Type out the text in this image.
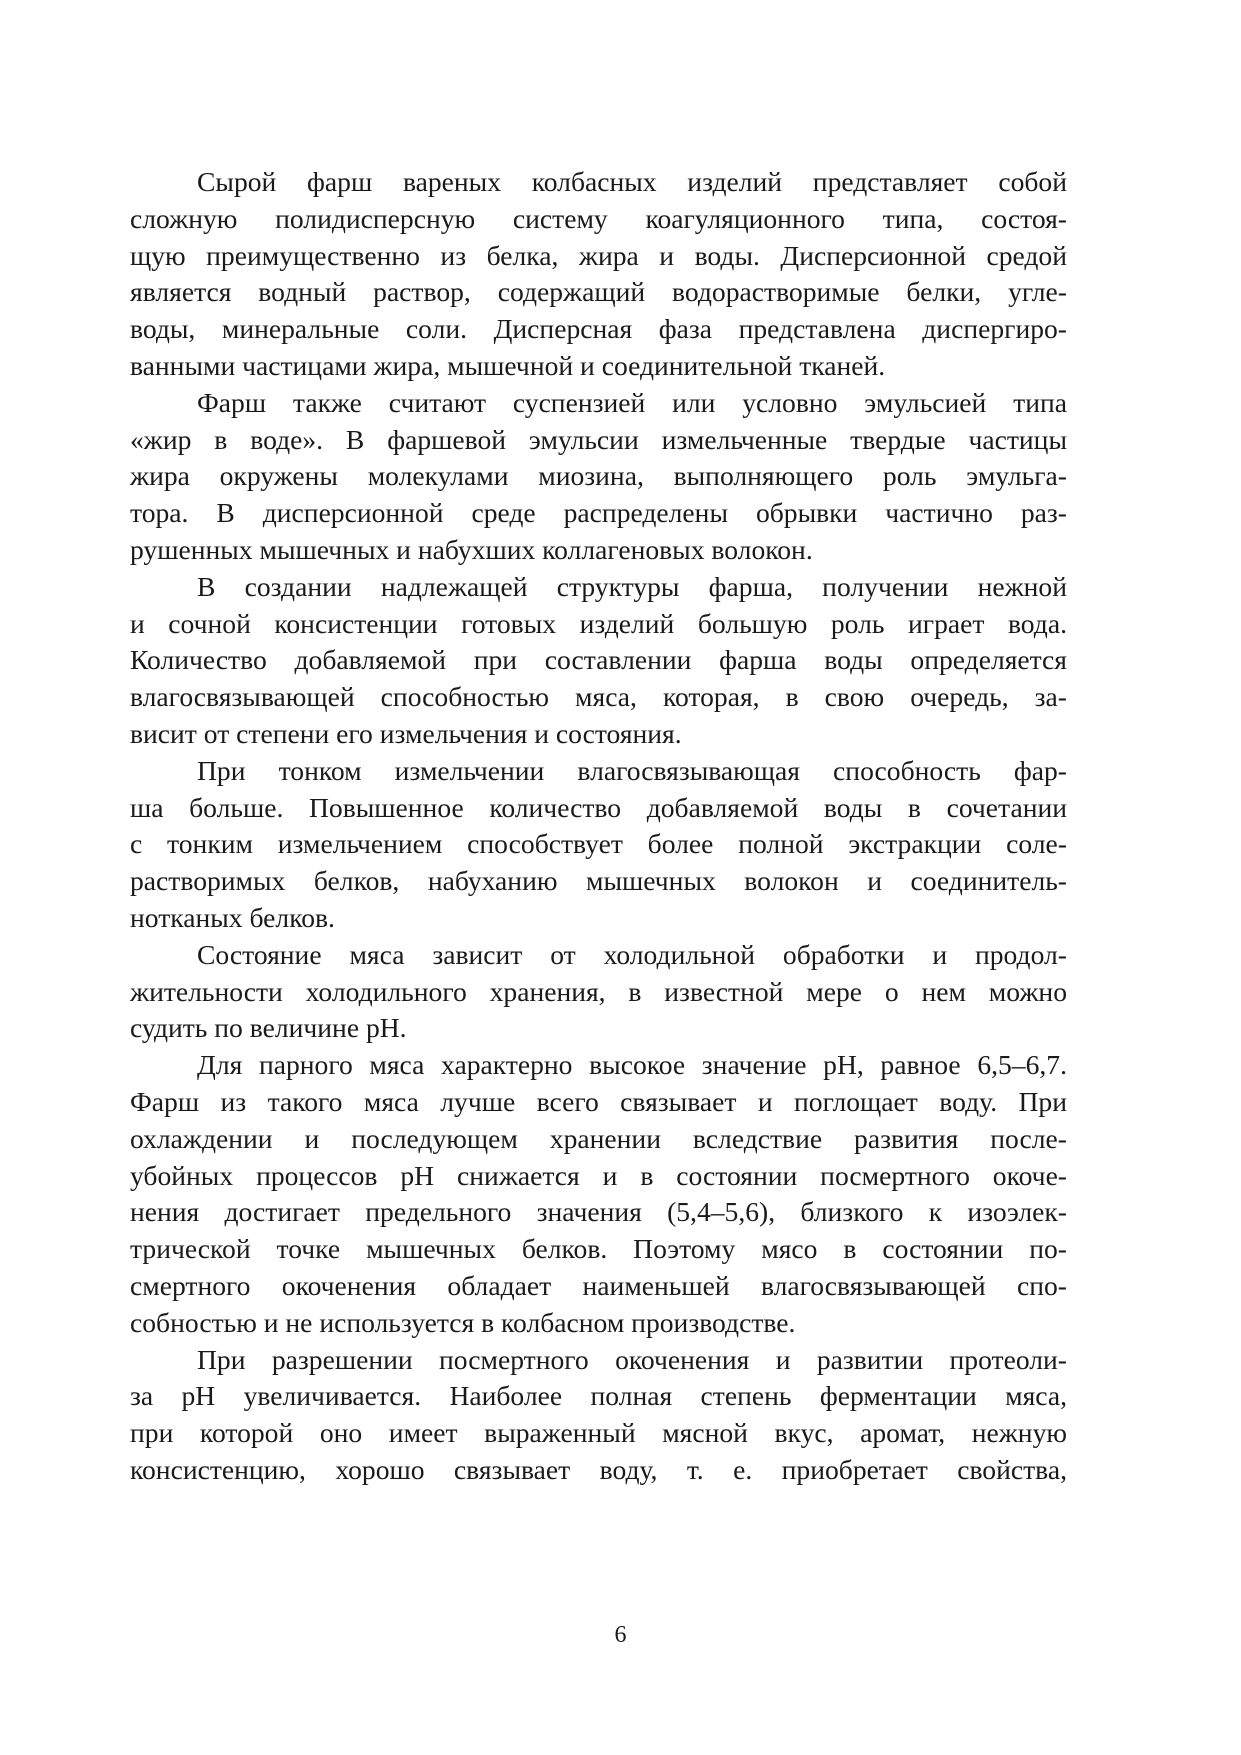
Сырой фарш вареных колбасных изделий представляет собой
сложную полидисперсную систему коагуляционного типа, состоя-
щую преимущественно из белка, жира и воды. Дисперсионной средой
является водный раствор, содержащий водорастворимые белки, угле-
воды, минеральные соли. Дисперсная фаза представлена диспергиро-
ванными частицами жира, мышечной и соединительной тканей.
Фарш также считают суспензией или условно эмульсией типа
«жир в воде». В фаршевой эмульсии измельченные твердые частицы
жира окружены молекулами миозина, выполняющего роль эмульга-
тора. В дисперсионной среде распределены обрывки частично раз-
рушенных мышечных и набухших коллагеновых волокон.
В создании надлежащей структуры фарша, получении нежной
и сочной консистенции готовых изделий большую роль играет вода.
Количество добавляемой при составлении фарша воды определяется
влагосвязывающей способностью мяса, которая, в свою очередь, за-
висит от степени его измельчения и состояния.
При тонком измельчении влагосвязывающая способность фар-
ша больше. Повышенное количество добавляемой воды в сочетании
с тонким измельчением способствует более полной экстракции соле-
растворимых белков, набуханию мышечных волокон и соединитель-
нотканых белков.
Состояние мяса зависит от холодильной обработки и продол-
жительности холодильного хранения, в известной мере о нем можно
судить по величине рН.
Для парного мяса характерно высокое значение рН, равное 6,5–6,7.
Фарш из такого мяса лучше всего связывает и поглощает воду. При
охлаждении и последующем хранении вследствие развития после-
убойных процессов рН снижается и в состоянии посмертного окоче-
нения достигает предельного значения (5,4–5,6), близкого к изоэлек-
трической точке мышечных белков. Поэтому мясо в состоянии по-
смертного окоченения обладает наименьшей влагосвязывающей спо-
собностью и не используется в колбасном производстве.
При разрешении посмертного окоченения и развитии протеоли-
за рН увеличивается. Наиболее полная степень ферментации мяса,
при которой оно имеет выраженный мясной вкус, аромат, нежную
консистенцию, хорошо связывает воду, т. е. приобретает свойства,
6
